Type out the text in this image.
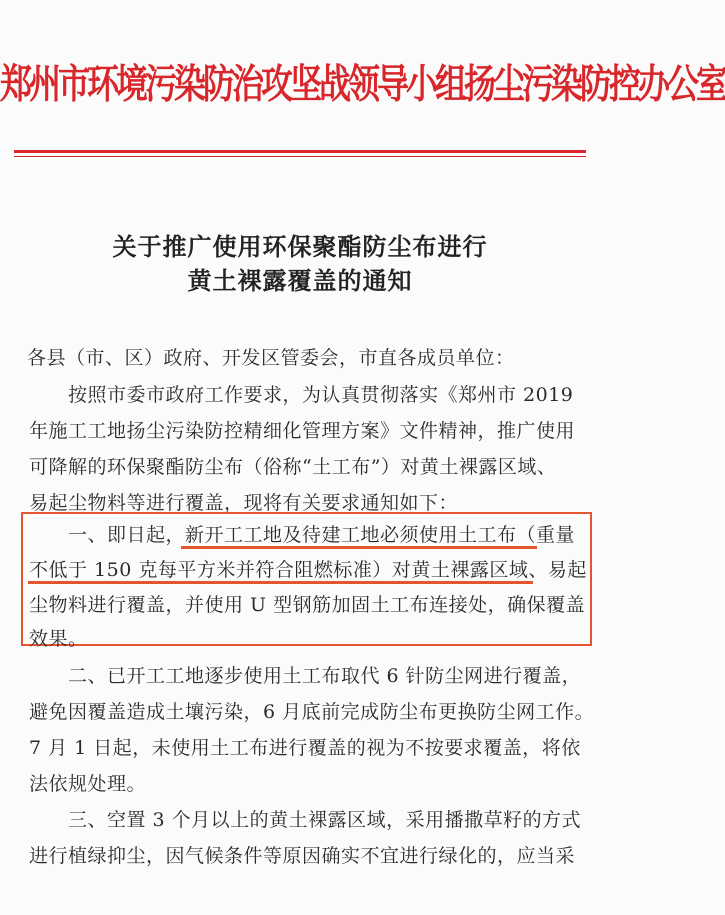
郑州市环境污染防治攻坚战领导小组扬尘污染防控办公室
关于推广使用环保聚酯防尘布进行
黄土裸露覆盖的通知
各县（市、区）政府、开发区管委会，市直各成员单位：
　　按照市委市政府工作要求，为认真贯彻落实《郑州市 2019
年施工工地扬尘污染防控精细化管理方案》文件精神，推广使用
可降解的环保聚酯防尘布（俗称“土工布”）对黄土裸露区域、
易起尘物料等进行覆盖，现将有关要求通知如下：
　　一、即日起，新开工工地及待建工地必须使用土工布（重量
不低于 150 克每平方米并符合阻燃标准）对黄土裸露区域、易起
尘物料进行覆盖，并使用 U 型钢筋加固土工布连接处，确保覆盖
效果。
　　二、已开工工地逐步使用土工布取代 6 针防尘网进行覆盖，
避免因覆盖造成土壤污染，6 月底前完成防尘布更换防尘网工作。
7 月 1 日起，未使用土工布进行覆盖的视为不按要求覆盖，将依
法依规处理。
　　三、空置 3 个月以上的黄土裸露区域，采用播撒草籽的方式
进行植绿抑尘，因气候条件等原因确实不宜进行绿化的，应当采
